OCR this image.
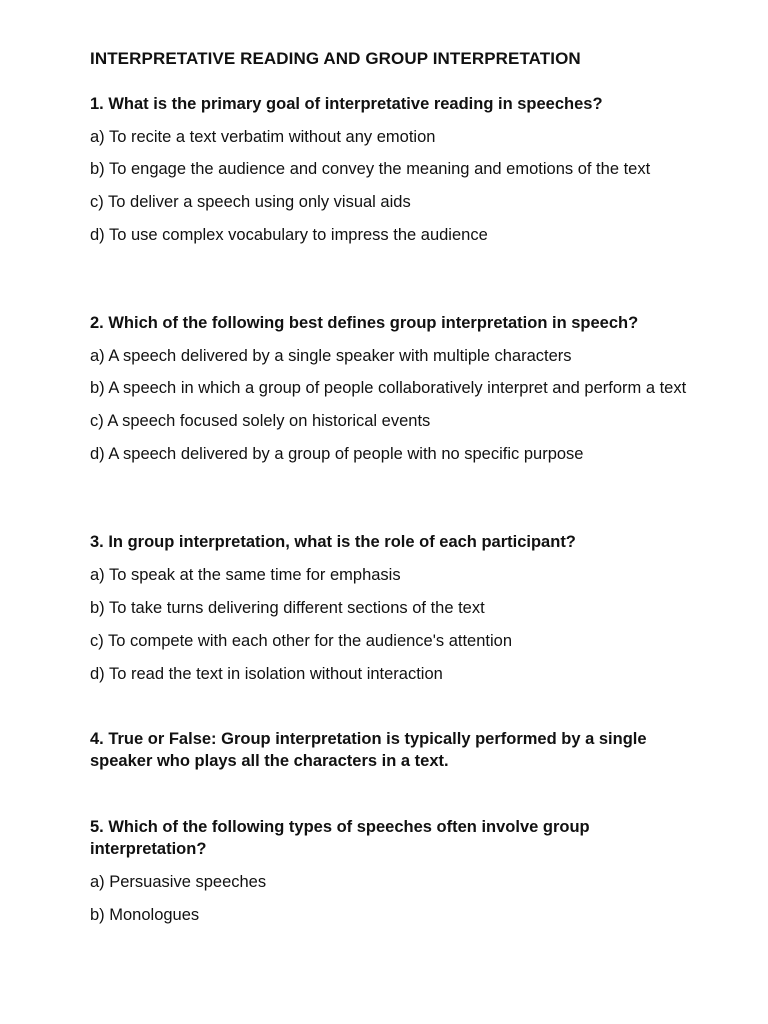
INTERPRETATIVE READING AND GROUP INTERPRETATION

1. What is the primary goal of interpretative reading in speeches?

a) To recite a text verbatim without any emotion

b) To engage the audience and convey the meaning and emotions of the text

c) To deliver a speech using only visual aids

d) To use complex vocabulary to impress the audience

2. Which of the following best defines group interpretation in speech?

a) A speech delivered by a single speaker with multiple characters

b) A speech in which a group of people collaboratively interpret and perform a text

c) A speech focused solely on historical events

d) A speech delivered by a group of people with no specific purpose

3. In group interpretation, what is the role of each participant?

a) To speak at the same time for emphasis

b) To take turns delivering different sections of the text

c) To compete with each other for the audience's attention

d) To read the text in isolation without interaction

4. True or False: Group interpretation is typically performed by a single speaker who plays all the characters in a text.

5. Which of the following types of speeches often involve group interpretation?

a) Persuasive speeches

b) Monologues
